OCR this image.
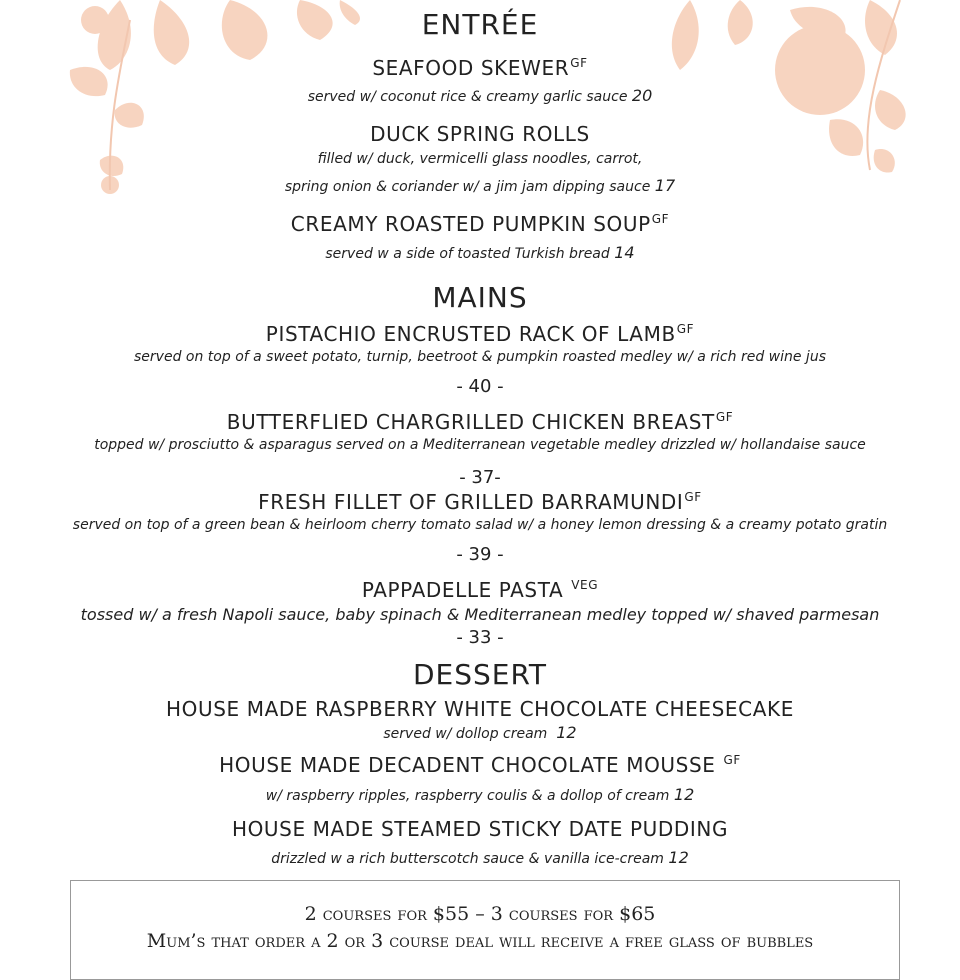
ENTRÉE
SEAFOOD $SKEWER^{GF}$
served w/ coconut rice & creamy garlic sauce 20
DUCK SPRING ROLLS
filled w/ duck, vermicelli glass noodles, carrot,
spring onion & coriander w/ a jim jam dipping sauce 17
CREAMY ROASTED PUMPKIN $SOUP^{GF}$
served w a side of toasted Turkish bread 14
MAINS
PISTACHIO ENCRUSTED RACK OF $LAMB^{GF}$
served on top of a sweet potato, turnip, beetroot & pumpkin roasted medley w/ a rich red wine jus
- 40 -
BUTTERFLIED CHARGRILLED CHICKEN $BREAST^{GF}$
topped w/ prosciutto & asparagus served on a Mediterranean vegetable medley drizzled w/ hollandaise sauce
- 37-
FRESH FILLET OF GRILLED $BARRAMUNDI^{GF}$
served on top of a green bean & heirloom cherry tomato salad w/ a honey lemon dressing & a creamy potato gratin
- 39 -
PAPPADELLE PASTA $^{VEG}$
tossed w/ a fresh Napoli sauce, baby spinach & Mediterranean medley topped w/ shaved parmesan
- 33 -
DESSERT
HOUSE MADE RASPBERRY WHITE CHOCOLATE CHEESECAKE
served w/ dollop cream 12
HOUSE MADE DECADENT CHOCOLATE MOUSSE $^{GF}$
w/ raspberry ripples, raspberry coulis & a dollop of cream 12
HOUSE MADE STEAMED STICKY DATE PUDDING
drizzled w a rich butterscotch sauce & vanilla ice-cream 12
2 courses for $55 – 3 courses for $65
Mum’s that order a 2 or 3 course deal will receive a free glass of bubbles
